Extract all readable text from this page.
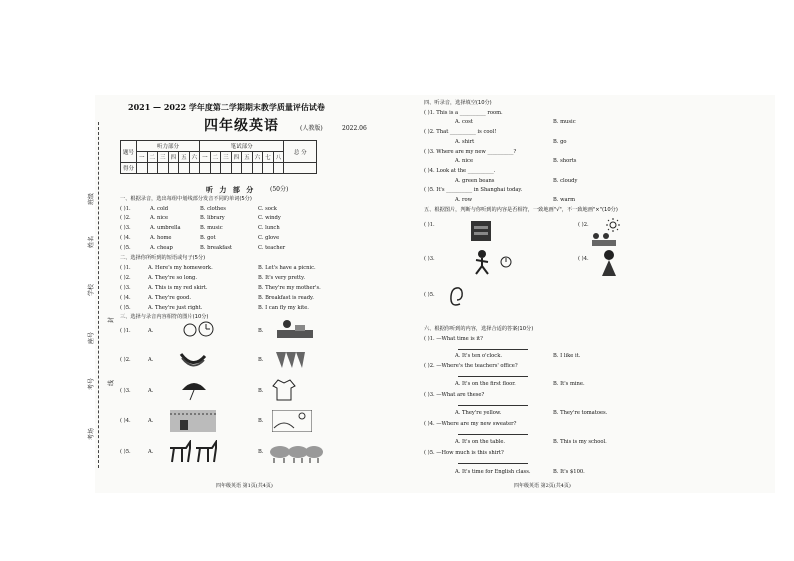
班级
姓名
学校
座号
考号
考场
封
线
2021 — 2022 学年度第二学期期末教学质量评估试卷
四年级英语	(人教版)	2022.06
题号	听力部分						笔试部分								总 分
	一	二	三	四	五	六	一	二	三	四	五	六	七	八	
得分															
听 力 部 分 (50分)
一、根据录音，选出每组中划线部分发音不同的单词(5分)
( )1.	A. cold	B. clothes	C. sock
( )2.	A. nice	B. library	C. windy
( )3.	A. umbrella	B. music	C. lunch
( )4.	A. home	B. got	C. glove
( )5.	A. cheap	B. breakfast	C. teacher
二、选择你所听到的短语或句子(5分)
( )1.	A. Here's my homework.	B. Let's have a picnic.
( )2.	A. They're so long.	B. It's very pretty.
( )3.	A. This is my red skirt.	B. They're my mother's.
( )4.	A. They're good.	B. Breakfast is ready.
( )5.	A. They're just right.	B. I can fly my kite.
三、选择与录音内容相符的图片(10分)
( )1.	A.	B.
( )2.	A.	B.
( )3.	A.	B.
( )4.	A.	B.
( )5.	A.	B.
四年级英语 第1页(共4页)
四、听录音，选择填空(10分)
( )1. This is a __________ room.
A. cost	B. music
( )2. That __________ is cool!
A. shirt	B. go
( )3. Where are my new __________?
A. nice	B. shorts
( )4. Look at the __________.
A. green beans	B. cloudy
( )5. It's __________ in Shanghai today.
A. row	B. warm
五、根据图片，判断与你听到的内容是否相符，一致地画"√"，不一致地画"×"(10分)
( )1.	( )2.
( )3.	( )4.
( )5.
六、根据你听到的内容，选择合适的答案(10分)
( )1. —What time is it?
A. It's ten o'clock.	B. I like it.
( )2. —Where's the teachers' office?
A. It's on the first floor.	B. It's mine.
( )3. —What are these?
A. They're yellow.	B. They're tomatoes.
( )4. —Where are my new sweater?
A. It's on the table.	B. This is my school.
( )5. —How much is this shirt?
A. It's time for English class.	B. It's $100.
四年级英语 第2页(共4页)
